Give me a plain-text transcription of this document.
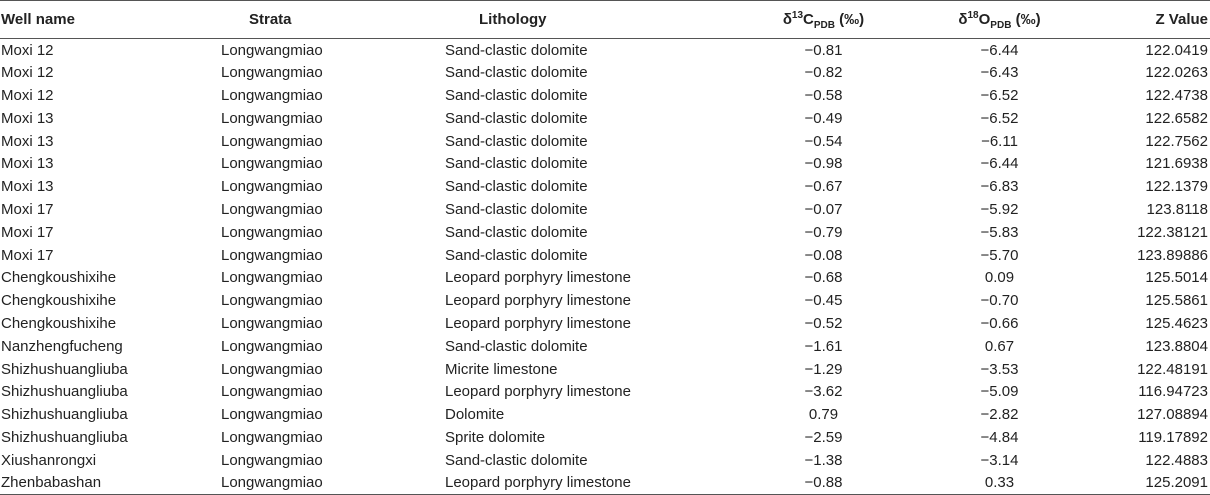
Well name	Strata	Lithology	$\delta^{13}C_{PDB}$ (‰)	$\delta^{18}O_{PDB}$ (‰)	Z Value
Moxi 12	Longwangmiao	Sand-clastic dolomite	−0.81	−6.44	122.0419
Moxi 12	Longwangmiao	Sand-clastic dolomite	−0.82	−6.43	122.0263
Moxi 12	Longwangmiao	Sand-clastic dolomite	−0.58	−6.52	122.4738
Moxi 13	Longwangmiao	Sand-clastic dolomite	−0.49	−6.52	122.6582
Moxi 13	Longwangmiao	Sand-clastic dolomite	−0.54	−6.11	122.7562
Moxi 13	Longwangmiao	Sand-clastic dolomite	−0.98	−6.44	121.6938
Moxi 13	Longwangmiao	Sand-clastic dolomite	−0.67	−6.83	122.1379
Moxi 17	Longwangmiao	Sand-clastic dolomite	−0.07	−5.92	123.8118
Moxi 17	Longwangmiao	Sand-clastic dolomite	−0.79	−5.83	122.38121
Moxi 17	Longwangmiao	Sand-clastic dolomite	−0.08	−5.70	123.89886
Chengkoushixihe	Longwangmiao	Leopard porphyry limestone	−0.68	0.09	125.5014
Chengkoushixihe	Longwangmiao	Leopard porphyry limestone	−0.45	−0.70	125.5861
Chengkoushixihe	Longwangmiao	Leopard porphyry limestone	−0.52	−0.66	125.4623
Nanzhengfucheng	Longwangmiao	Sand-clastic dolomite	−1.61	0.67	123.8804
Shizhushuangliuba	Longwangmiao	Micrite limestone	−1.29	−3.53	122.48191
Shizhushuangliuba	Longwangmiao	Leopard porphyry limestone	−3.62	−5.09	116.94723
Shizhushuangliuba	Longwangmiao	Dolomite	0.79	−2.82	127.08894
Shizhushuangliuba	Longwangmiao	Sprite dolomite	−2.59	−4.84	119.17892
Xiushanrongxi	Longwangmiao	Sand-clastic dolomite	−1.38	−3.14	122.4883
Zhenbabashan	Longwangmiao	Leopard porphyry limestone	−0.88	0.33	125.2091
